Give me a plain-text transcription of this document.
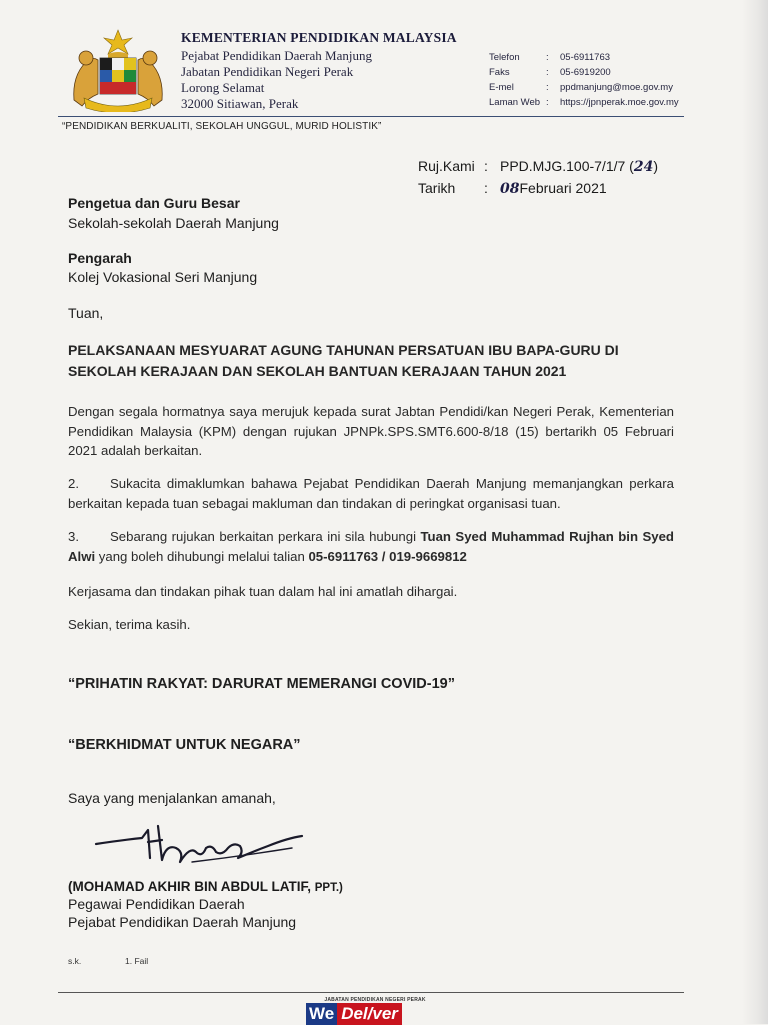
KEMENTERIAN PENDIDIKAN MALAYSIA
Pejabat Pendidikan Daerah Manjung
Jabatan Pendidikan Negeri Perak
Lorong Selamat
32000 Sitiawan, Perak
Telefon	:	05-6911763
Faks	:	05-6919200
E-mel	:	ppdmanjung@moe.gov.my
Laman Web :	https://jpnperak.moe.gov.my
“PENDIDIKAN BERKUALITI, SEKOLAH UNGGUL, MURID HOLISTIK”
Ruj.Kami : PPD.MJG.100-7/1/7 (24)
Tarikh	: 08Februari 2021
Pengetua dan Guru Besar
Sekolah-sekolah Daerah Manjung
Pengarah
Kolej Vokasional Seri Manjung
Tuan,
PELAKSANAAN MESYUARAT AGUNG TAHUNAN PERSATUAN IBU BAPA-GURU DI SEKOLAH KERAJAAN DAN SEKOLAH BANTUAN KERAJAAN TAHUN 2021
Dengan segala hormatnya saya merujuk kepada surat Jabtan Pendidi/kan Negeri Perak, Kementerian Pendidikan Malaysia (KPM) dengan rujukan JPNPk.SPS.SMT6.600-8/18 (15) bertarikh 05 Februari 2021 adalah berkaitan.
2. Sukacita dimaklumkan bahawa Pejabat Pendidikan Daerah Manjung memanjangkan perkara berkaitan kepada tuan sebagai makluman dan tindakan di peringkat organisasi tuan.
3. Sebarang rujukan berkaitan perkara ini sila hubungi Tuan Syed Muhammad Rujhan bin Syed Alwi yang boleh dihubungi melalui talian 05-6911763 / 019-9669812
Kerjasama dan tindakan pihak tuan dalam hal ini amatlah dihargai.
Sekian, terima kasih.
“PRIHATIN RAKYAT: DARURAT MEMERANGI COVID-19”
“BERKHIDMAT UNTUK NEGARA”
Saya yang menjalankan amanah,
(MOHAMAD AKHIR BIN ABDUL LATIF, PPT.)
Pegawai Pendidikan Daerah
Pejabat Pendidikan Daerah Manjung
s.k.	1. Fail
JABATAN PENDIDIKAN NEGERI PERAK
We Del/ver
